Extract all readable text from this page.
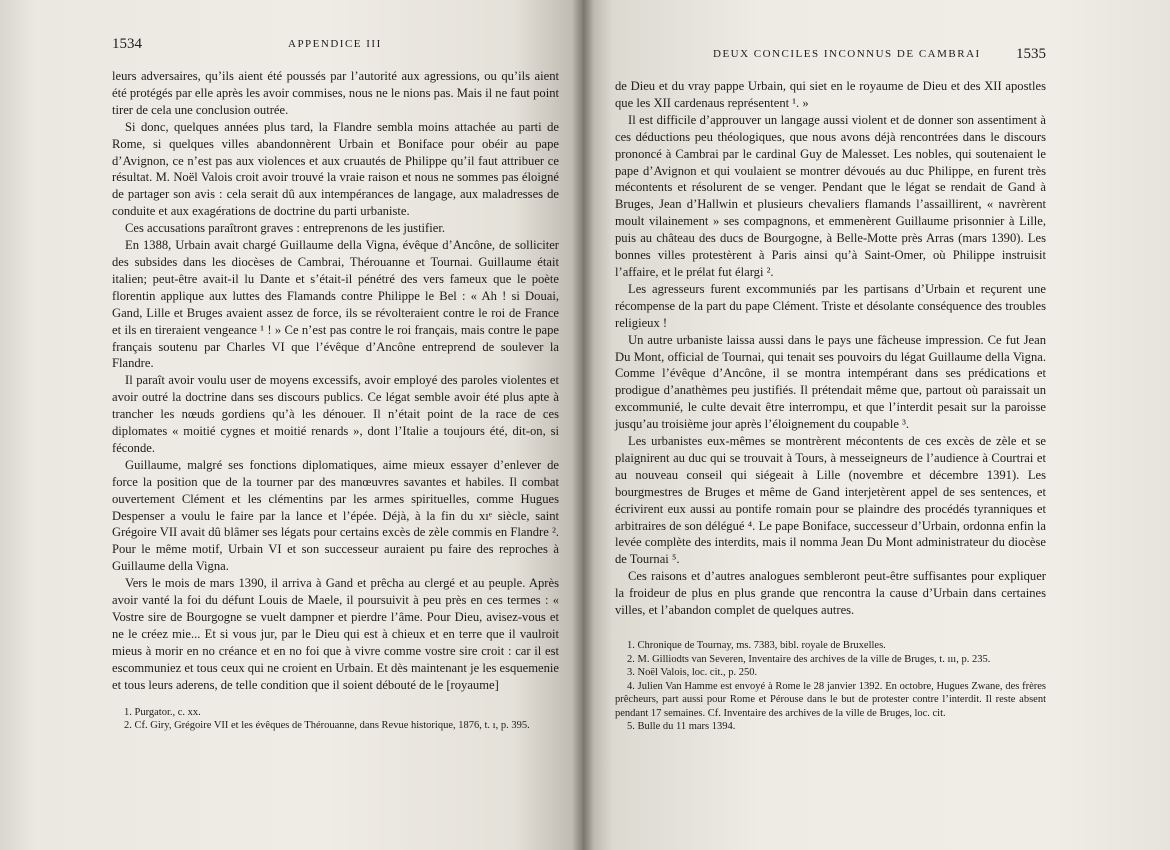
1534	APPENDICE III

leurs adversaires, qu’ils aient été poussés par l’autorité aux agressions, ou qu’ils aient été protégés par elle après les avoir commises, nous ne le nions pas. Mais il ne faut point tirer de cela une conclusion outrée.

Si donc, quelques années plus tard, la Flandre sembla moins attachée au parti de Rome, si quelques villes abandonnèrent Urbain et Boniface pour obéir au pape d’Avignon, ce n’est pas aux violences et aux cruautés de Philippe qu’il faut attribuer ce résultat. M. Noël Valois croit avoir trouvé la vraie raison et nous ne sommes pas éloigné de partager son avis : cela serait dû aux intempérances de langage, aux maladresses de conduite et aux exagérations de doctrine du parti urbaniste.

Ces accusations paraîtront graves : entreprenons de les justifier.

En 1388, Urbain avait chargé Guillaume della Vigna, évêque d’Ancône, de solliciter des subsides dans les diocèses de Cambrai, Thérouanne et Tournai. Guillaume était italien; peut-être avait-il lu Dante et s’était-il pénétré des vers fameux que le poète florentin applique aux luttes des Flamands contre Philippe le Bel : « Ah ! si Douai, Gand, Lille et Bruges avaient assez de force, ils se révolteraient contre le roi de France et ils en tireraient vengeance ¹ ! » Ce n’est pas contre le roi français, mais contre le pape français soutenu par Charles VI que l’évêque d’Ancône entreprend de soulever la Flandre.

Il paraît avoir voulu user de moyens excessifs, avoir employé des paroles violentes et avoir outré la doctrine dans ses discours publics. Ce légat semble avoir été plus apte à trancher les nœuds gordiens qu’à les dénouer. Il n’était point de la race de ces diplomates « moitié cygnes et moitié renards », dont l’Italie a toujours été, dit-on, si féconde.

Guillaume, malgré ses fonctions diplomatiques, aime mieux essayer d’enlever de force la position que de la tourner par des manœuvres savantes et habiles. Il combat ouvertement Clément et les clémentins par les armes spirituelles, comme Hugues Despenser a voulu le faire par la lance et l’épée. Déjà, à la fin du xıᵉ siècle, saint Grégoire VII avait dû blâmer ses légats pour certains excès de zèle commis en Flandre ². Pour le même motif, Urbain VI et son successeur auraient pu faire des reproches à Guillaume della Vigna.

Vers le mois de mars 1390, il arriva à Gand et prêcha au clergé et au peuple. Après avoir vanté la foi du défunt Louis de Maele, il poursuivit à peu près en ces termes : « Vostre sire de Bourgogne se vuelt dampner et pierdre l’âme. Pour Dieu, avisez-vous et ne le créez mie... Et si vous jur, par le Dieu qui est à chieux et en terre que il vaulroit mieus à morir en no créance et en no foi que à vivre comme vostre sire croit : car il est escommuniez et tous ceux qui ne croient en Urbain. Et dès maintenant je les esquemenie et tous leurs aderens, de telle condition que il soient débouté de le [royaume]

1. Purgator., c. xx.

2. Cf. Giry, Grégoire VII et les évêques de Thérouanne, dans Revue historique, 1876, t. ı, p. 395.

DEUX CONCILES INCONNUS DE CAMBRAI 1535

de Dieu et du vray pappe Urbain, qui siet en le royaume de Dieu et des XII apostles que les XII cardenaus représentent ¹. »

Il est difficile d’approuver un langage aussi violent et de donner son assentiment à ces déductions peu théologiques, que nous avons déjà rencontrées dans le discours prononcé à Cambrai par le cardinal Guy de Malesset. Les nobles, qui soutenaient le pape d’Avignon et qui voulaient se montrer dévoués au duc Philippe, en furent très mécontents et résolurent de se venger. Pendant que le légat se rendait de Gand à Bruges, Jean d’Hallwin et plusieurs chevaliers flamands l’assaillirent, « navrèrent moult vilainement » ses compagnons, et emmenèrent Guillaume prisonnier à Lille, puis au château des ducs de Bourgogne, à Belle-Motte près Arras (mars 1390). Les bonnes villes protestèrent à Paris ainsi qu’à Saint-Omer, où Philippe instruisit l’affaire, et le prélat fut élargi ².

Les agresseurs furent excommuniés par les partisans d’Urbain et reçurent une récompense de la part du pape Clément. Triste et désolante conséquence des troubles religieux !

Un autre urbaniste laissa aussi dans le pays une fâcheuse impression. Ce fut Jean Du Mont, official de Tournai, qui tenait ses pouvoirs du légat Guillaume della Vigna. Comme l’évêque d’Ancône, il se montra intempérant dans ses prédications et prodigue d’anathèmes peu justifiés. Il prétendait même que, partout où paraissait un excommunié, le culte devait être interrompu, et que l’interdit pesait sur la paroisse jusqu’au troisième jour après l’éloignement du coupable ³.

Les urbanistes eux-mêmes se montrèrent mécontents de ces excès de zèle et se plaignirent au duc qui se trouvait à Tours, à messeigneurs de l’audience à Courtrai et au nouveau conseil qui siégeait à Lille (novembre et décembre 1391). Les bourgmestres de Bruges et même de Gand interjetèrent appel de ses sentences, et écrivirent eux aussi au pontife romain pour se plaindre des procédés tyranniques et arbitraires de son délégué ⁴. Le pape Boniface, successeur d’Urbain, ordonna enfin la levée complète des interdits, mais il nomma Jean Du Mont administrateur du diocèse de Tournai ⁵.

Ces raisons et d’autres analogues sembleront peut-être suffisantes pour expliquer la froideur de plus en plus grande que rencontra la cause d’Urbain dans certaines villes, et l’abandon complet de quelques autres.

1. Chronique de Tournay, ms. 7383, bibl. royale de Bruxelles.

2. M. Gilliodts van Severen, Inventaire des archives de la ville de Bruges, t. ııı, p. 235.

3. Noël Valois, loc. cit., p. 250.

4. Julien Van Hamme est envoyé à Rome le 28 janvier 1392. En octobre, Hugues Zwane, des frères prêcheurs, part aussi pour Rome et Pérouse dans le but de protester contre l’interdit. Il reste absent pendant 17 semaines. Cf. Inventaire des archives de la ville de Bruges, loc. cit.

5. Bulle du 11 mars 1394.
